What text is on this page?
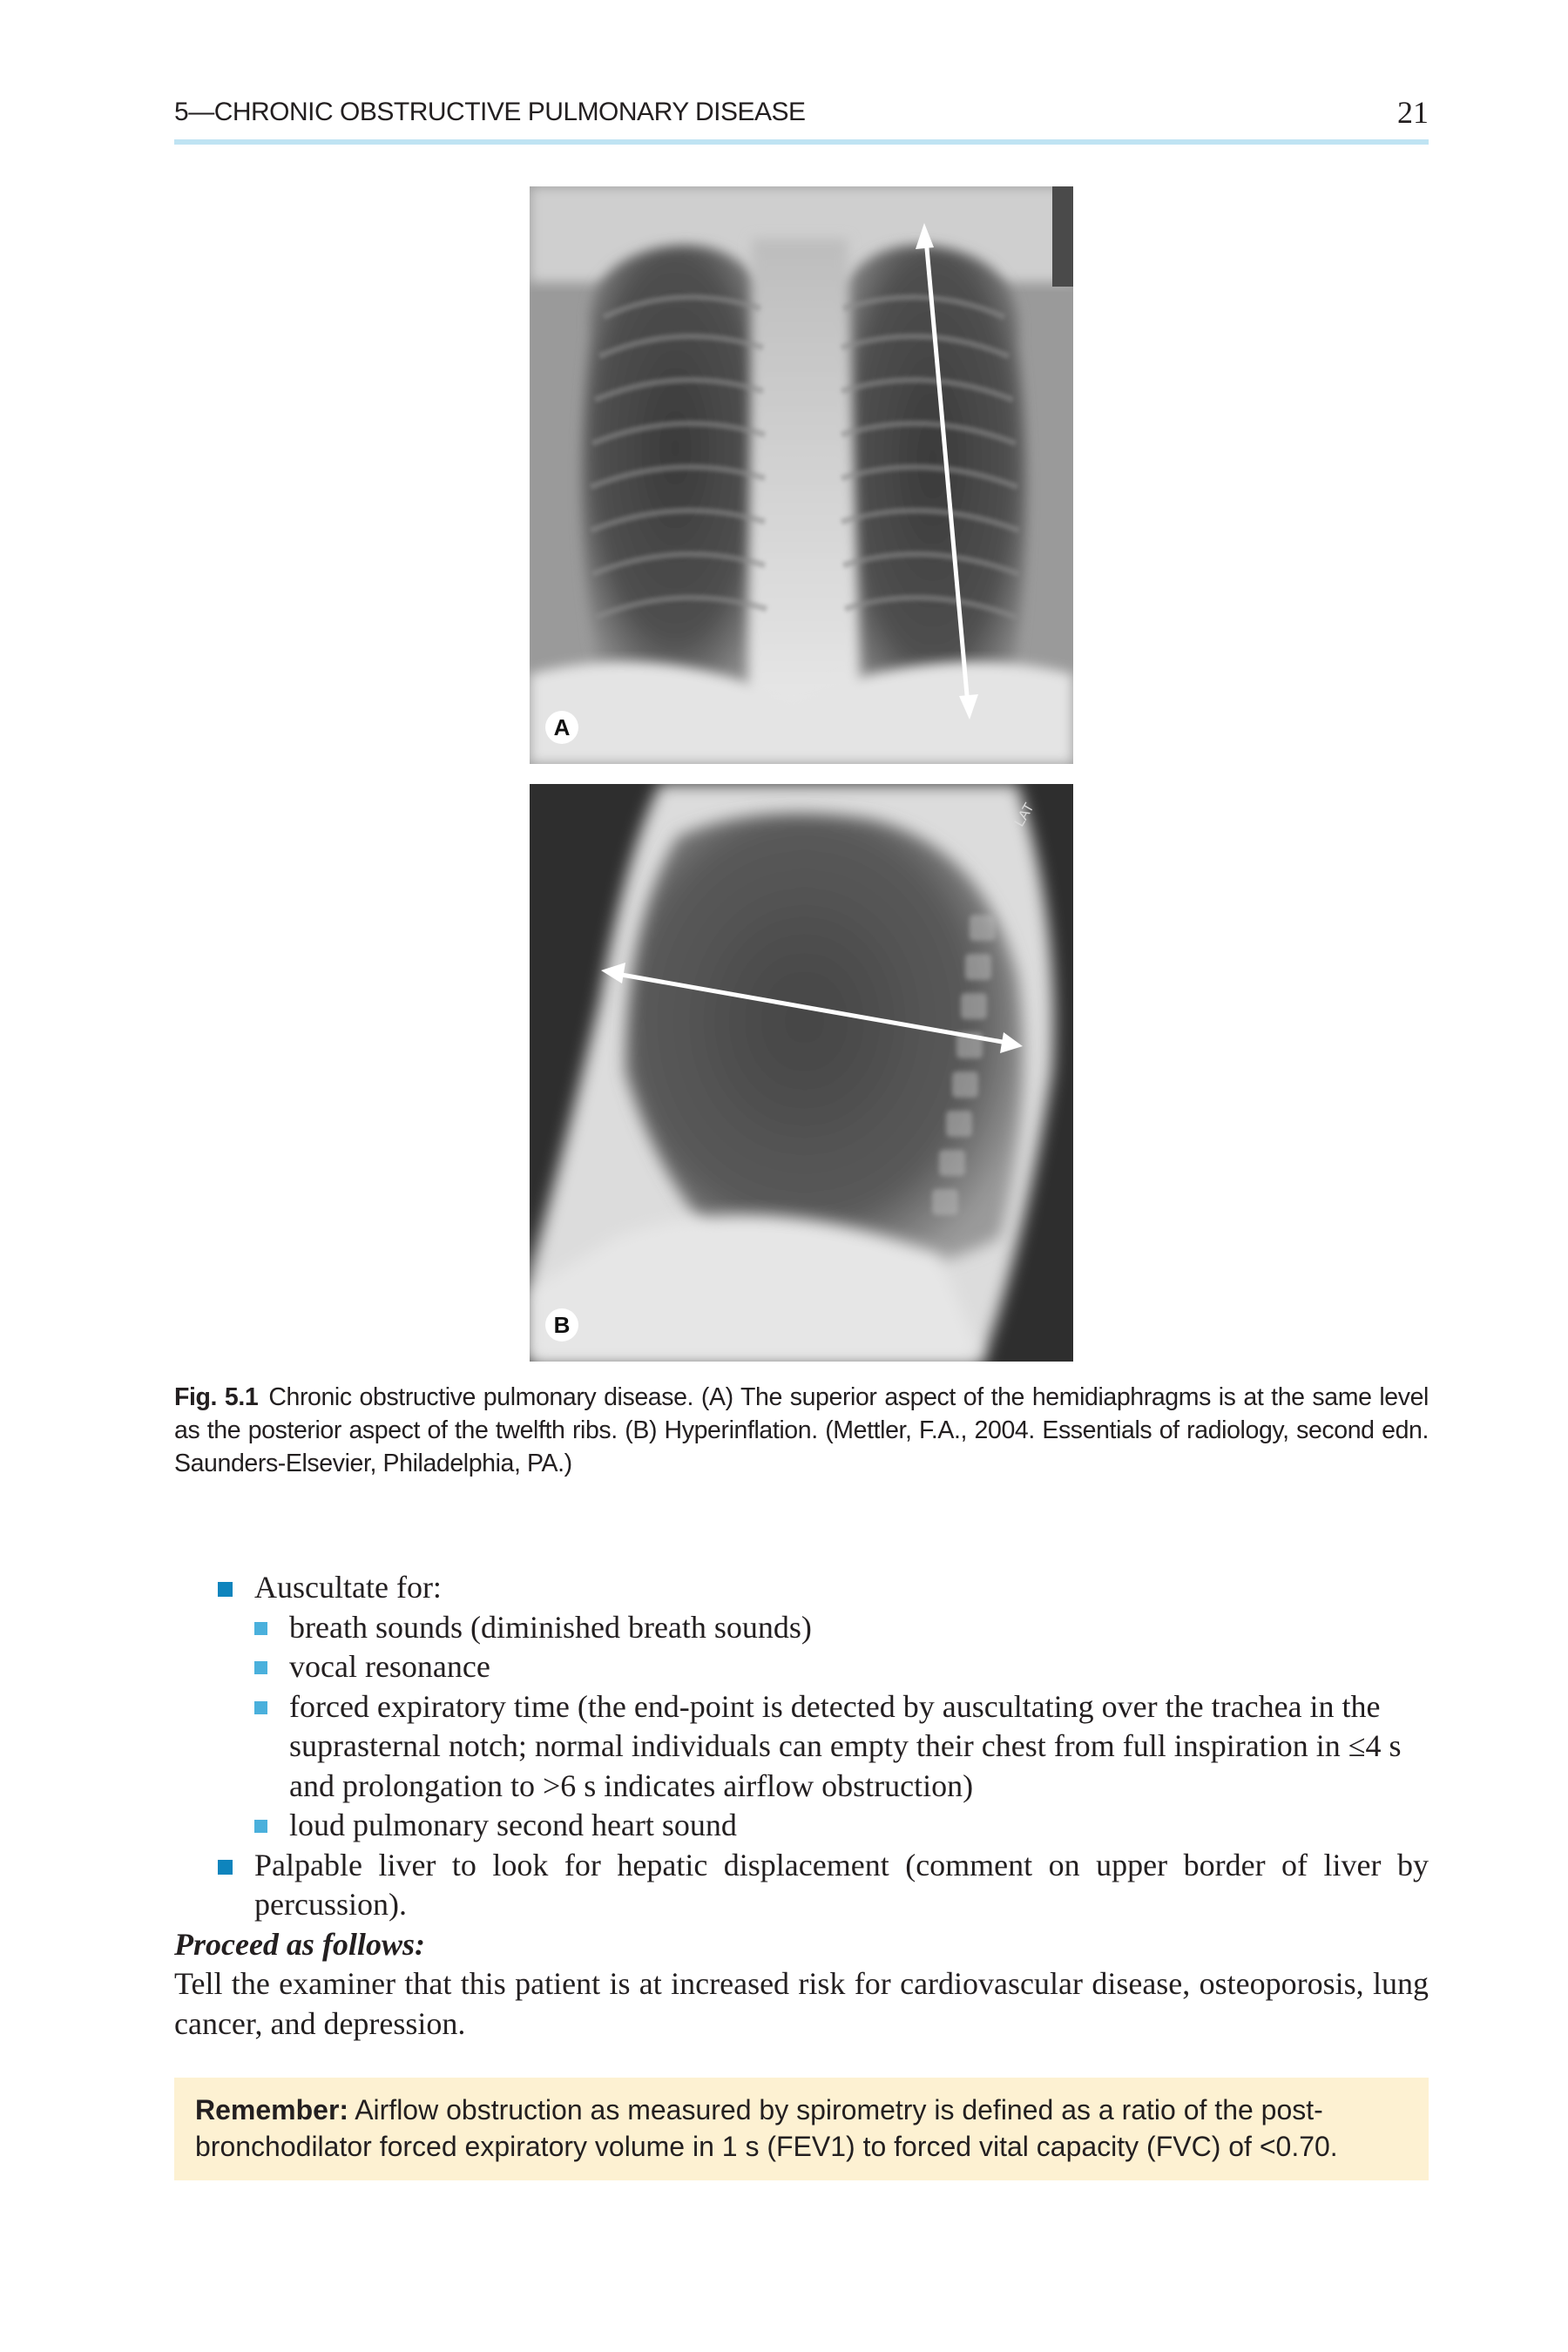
5—CHRONIC OBSTRUCTIVE PULMONARY DISEASE	21
A
LAT
B
Fig. 5.1 Chronic obstructive pulmonary disease. (A) The superior aspect of the hemidiaphragms is at the same level as the posterior aspect of the twelfth ribs. (B) Hyperinflation. (Mettler, F.A., 2004. Essentials of radiology, second edn. Saunders-Elsevier, Philadelphia, PA.)
Auscultate for:
breath sounds (diminished breath sounds)
vocal resonance
forced expiratory time (the end-point is detected by auscultating over the trachea in the suprasternal notch; normal individuals can empty their chest from full inspiration in ≤4 s and prolongation to >6 s indicates airflow obstruction)
loud pulmonary second heart sound
Palpable liver to look for hepatic displacement (comment on upper border of liver by percussion).
Proceed as follows:
Tell the examiner that this patient is at increased risk for cardiovascular disease, osteoporosis, lung cancer, and depression.
Remember: Airflow obstruction as measured by spirometry is defined as a ratio of the post-bronchodilator forced expiratory volume in 1 s (FEV1) to forced vital capacity (FVC) of <0.70.
